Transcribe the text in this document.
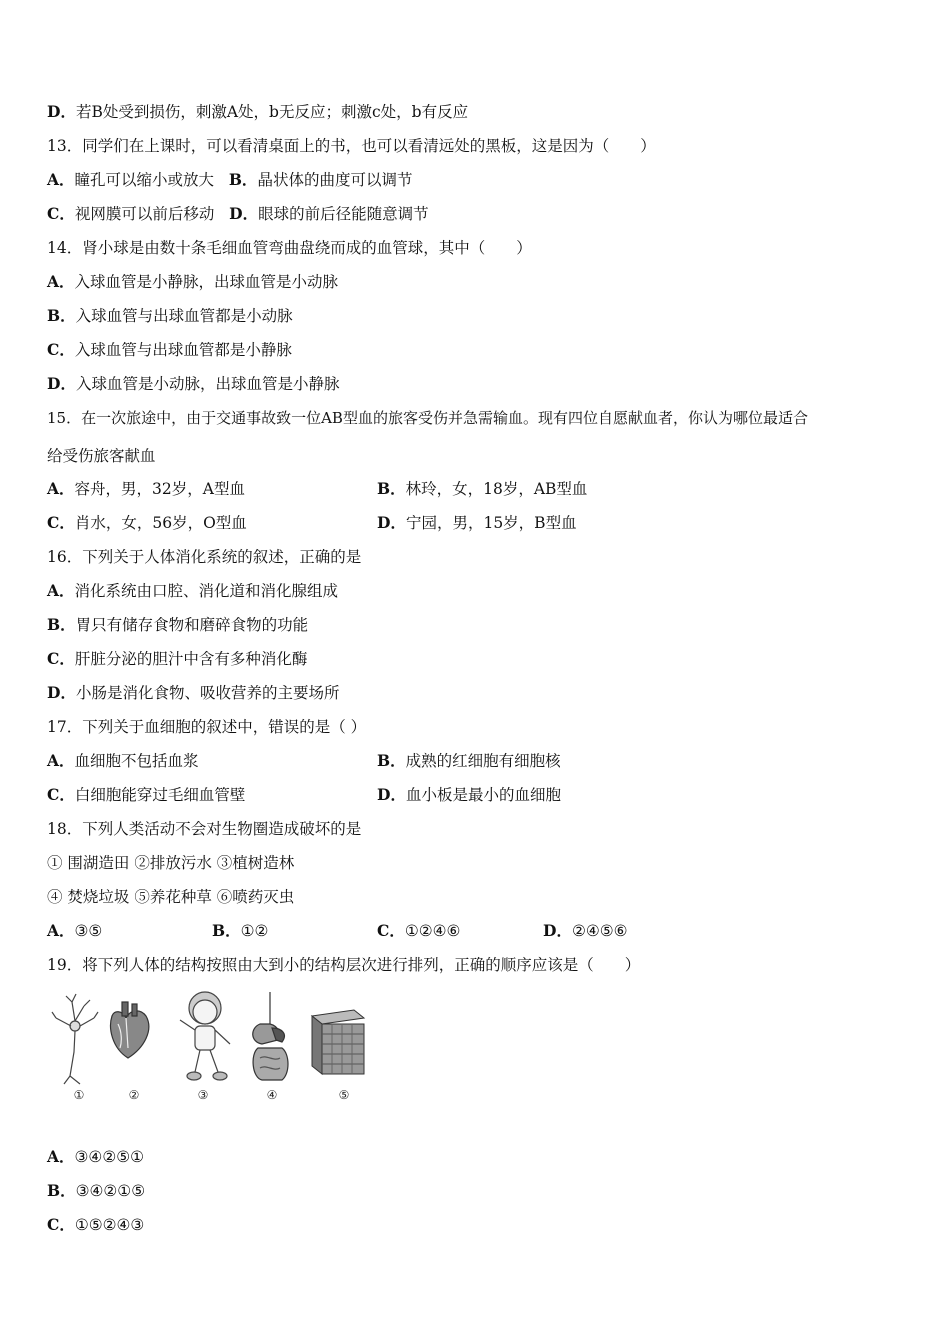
D．若B处受到损伤，刺激A处，b无反应；刺激c处，b有反应
13．同学们在上课时，可以看清桌面上的书，也可以看清远处的黑板，这是因为（　　）
A．瞳孔可以缩小或放大 B．晶状体的曲度可以调节
C．视网膜可以前后移动 D．眼球的前后径能随意调节
14．肾小球是由数十条毛细血管弯曲盘绕而成的血管球，其中（　　）
A．入球血管是小静脉，出球血管是小动脉
B．入球血管与出球血管都是小动脉
C．入球血管与出球血管都是小静脉
D．入球血管是小动脉，出球血管是小静脉
15．在一次旅途中，由于交通事故致一位AB型血的旅客受伤并急需输血。现有四位自愿献血者，你认为哪位最适合
给受伤旅客献血
A．容舟，男，32岁，A型血	B．林玲，女，18岁，AB型血
C．肖水，女，56岁，O型血	D．宁园，男，15岁，B型血
16．下列关于人体消化系统的叙述，正确的是
A．消化系统由口腔、消化道和消化腺组成
B．胃只有储存食物和磨碎食物的功能
C．肝脏分泌的胆汁中含有多种消化酶
D．小肠是消化食物、吸收营养的主要场所
17．下列关于血细胞的叙述中，错误的是（ ）
A．血细胞不包括血浆	B．成熟的红细胞有细胞核
C．白细胞能穿过毛细血管壁	D．血小板是最小的血细胞
18．下列人类活动不会对生物圈造成破坏的是
① 围湖造田 ②排放污水 ③植树造林
④ 焚烧垃圾 ⑤养花种草 ⑥喷药灭虫
A．③⑤	B．①②	C．①②④⑥	D．②④⑤⑥
19．将下列人体的结构按照由大到小的结构层次进行排列，正确的顺序应该是（　　）
①	②	③	④	⑤
A．③④②⑤①
B．③④②①⑤
C．①⑤②④③
